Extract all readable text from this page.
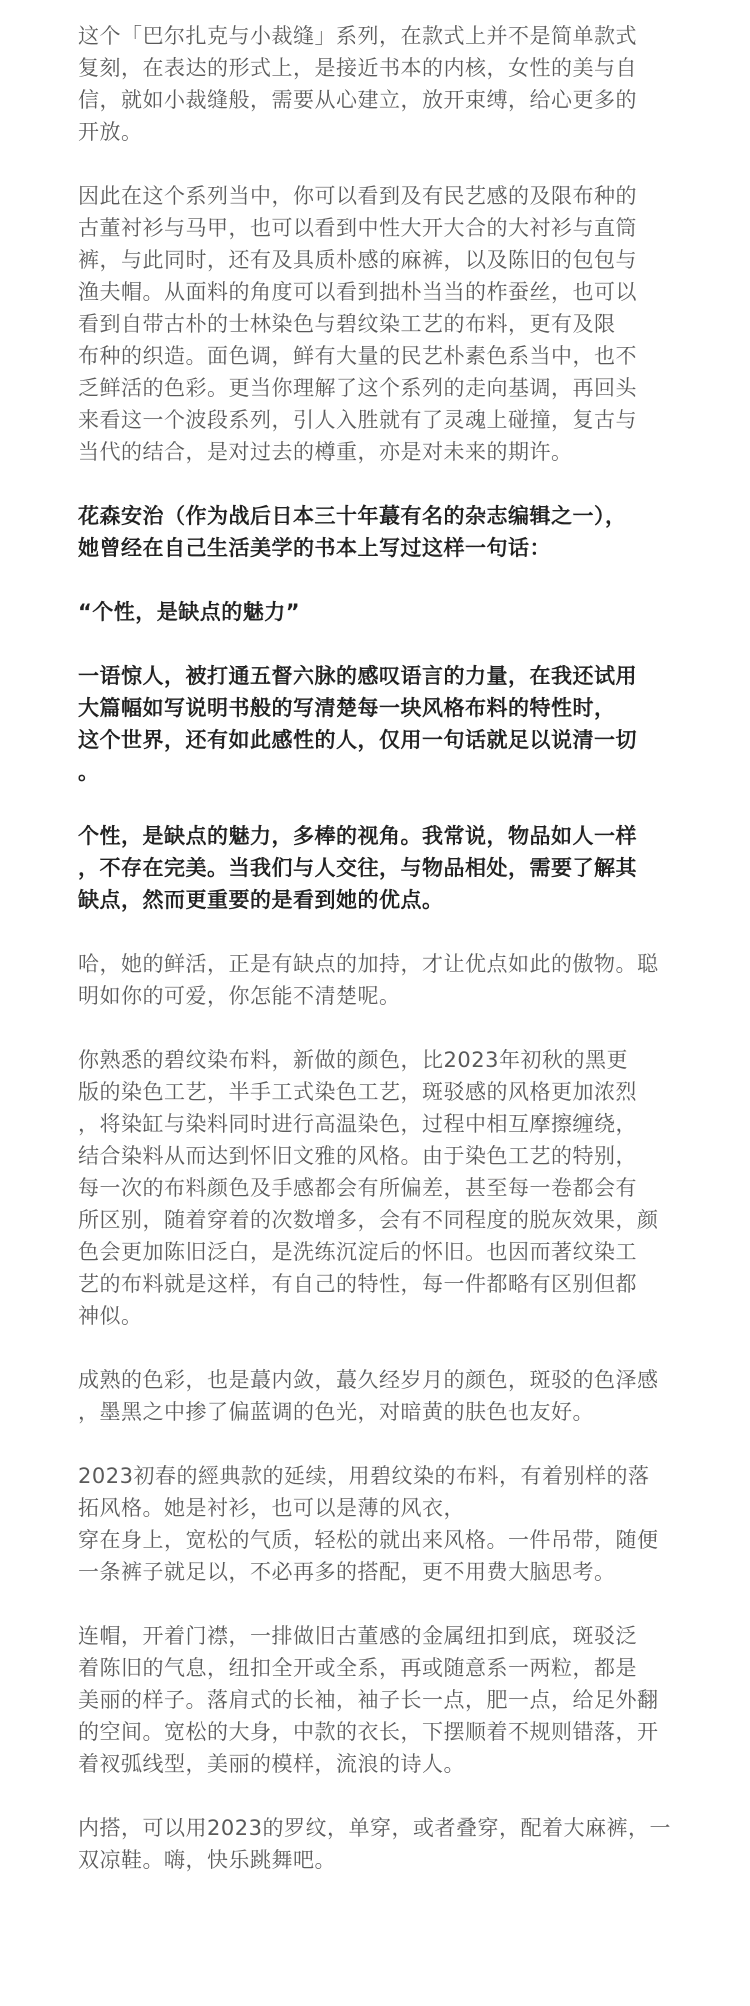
这个「巴尔扎克与小裁缝」系列，在款式上并不是简单款式
复刻，在表达的形式上，是接近书本的内核，女性的美与自
信，就如小裁缝般，需要从心建立，放开束缚，给心更多的
开放。

因此在这个系列当中，你可以看到及有民艺感的及限布种的
古董衬衫与马甲，也可以看到中性大开大合的大衬衫与直筒
裤，与此同时，还有及具质朴感的麻裤，以及陈旧的包包与
渔夫帽。从面料的角度可以看到拙朴当当的柞蚕丝，也可以
看到自带古朴的士林染色与碧纹染工艺的布料，更有及限
布种的织造。面色调，鲜有大量的民艺朴素色系当中，也不
乏鲜活的色彩。更当你理解了这个系列的走向基调，再回头
来看这一个波段系列，引人入胜就有了灵魂上碰撞，复古与
当代的结合，是对过去的樽重，亦是对未来的期许。

花森安治（作为战后日本三十年蕞有名的杂志编辑之一），
她曾经在自己生活美学的书本上写过这样一句话：

“个性，是缺点的魅力”

一语惊人，被打通五督六脉的感叹语言的力量，在我还试用
大篇幅如写说明书般的写清楚每一块风格布料的特性时，
这个世界，还有如此感性的人，仅用一句话就足以说清一切
。

个性，是缺点的魅力，多棒的视角。我常说，物品如人一样
，不存在完美。当我们与人交往，与物品相处，需要了解其
缺点，然而更重要的是看到她的优点。

哈，她的鲜活，正是有缺点的加持，才让优点如此的傲物。聪
明如你的可爱，你怎能不清楚呢。

你熟悉的碧纹染布料，新做的颜色，比2023年初秋的黑更
版的染色工艺，半手工式染色工艺，斑驳感的风格更加浓烈
，将染缸与染料同时进行高温染色，过程中相互摩擦缠绕，
结合染料从而达到怀旧文雅的风格。由于染色工艺的特别，
每一次的布料颜色及手感都会有所偏差，甚至每一卷都会有
所区别，随着穿着的次数增多，会有不同程度的脱灰效果，颜
色会更加陈旧泛白，是洗练沉淀后的怀旧。也因而著纹染工
艺的布料就是这样，有自己的特性，每一件都略有区别但都
神似。

成熟的色彩，也是蕞内敛，蕞久经岁月的颜色，斑驳的色泽感
，墨黑之中掺了偏蓝调的色光，对暗黄的肤色也友好。

2023初春的經典款的延续，用碧纹染的布料，有着别样的落
拓风格。她是衬衫，也可以是薄的风衣，
穿在身上，宽松的气质，轻松的就出来风格。一件吊带，随便
一条裤子就足以，不必再多的搭配，更不用费大脑思考。

连帽，开着门襟，一排做旧古董感的金属纽扣到底，斑驳泛
着陈旧的气息，纽扣全开或全系，再或随意系一两粒，都是
美丽的样子。落肩式的长袖，袖子长一点，肥一点，给足外翻
的空间。宽松的大身，中款的衣长，下摆顺着不规则错落，开
着衩弧线型，美丽的模样，流浪的诗人。

内搭，可以用2023的罗纹，单穿，或者叠穿，配着大麻裤，一
双凉鞋。嗨，快乐跳舞吧。
